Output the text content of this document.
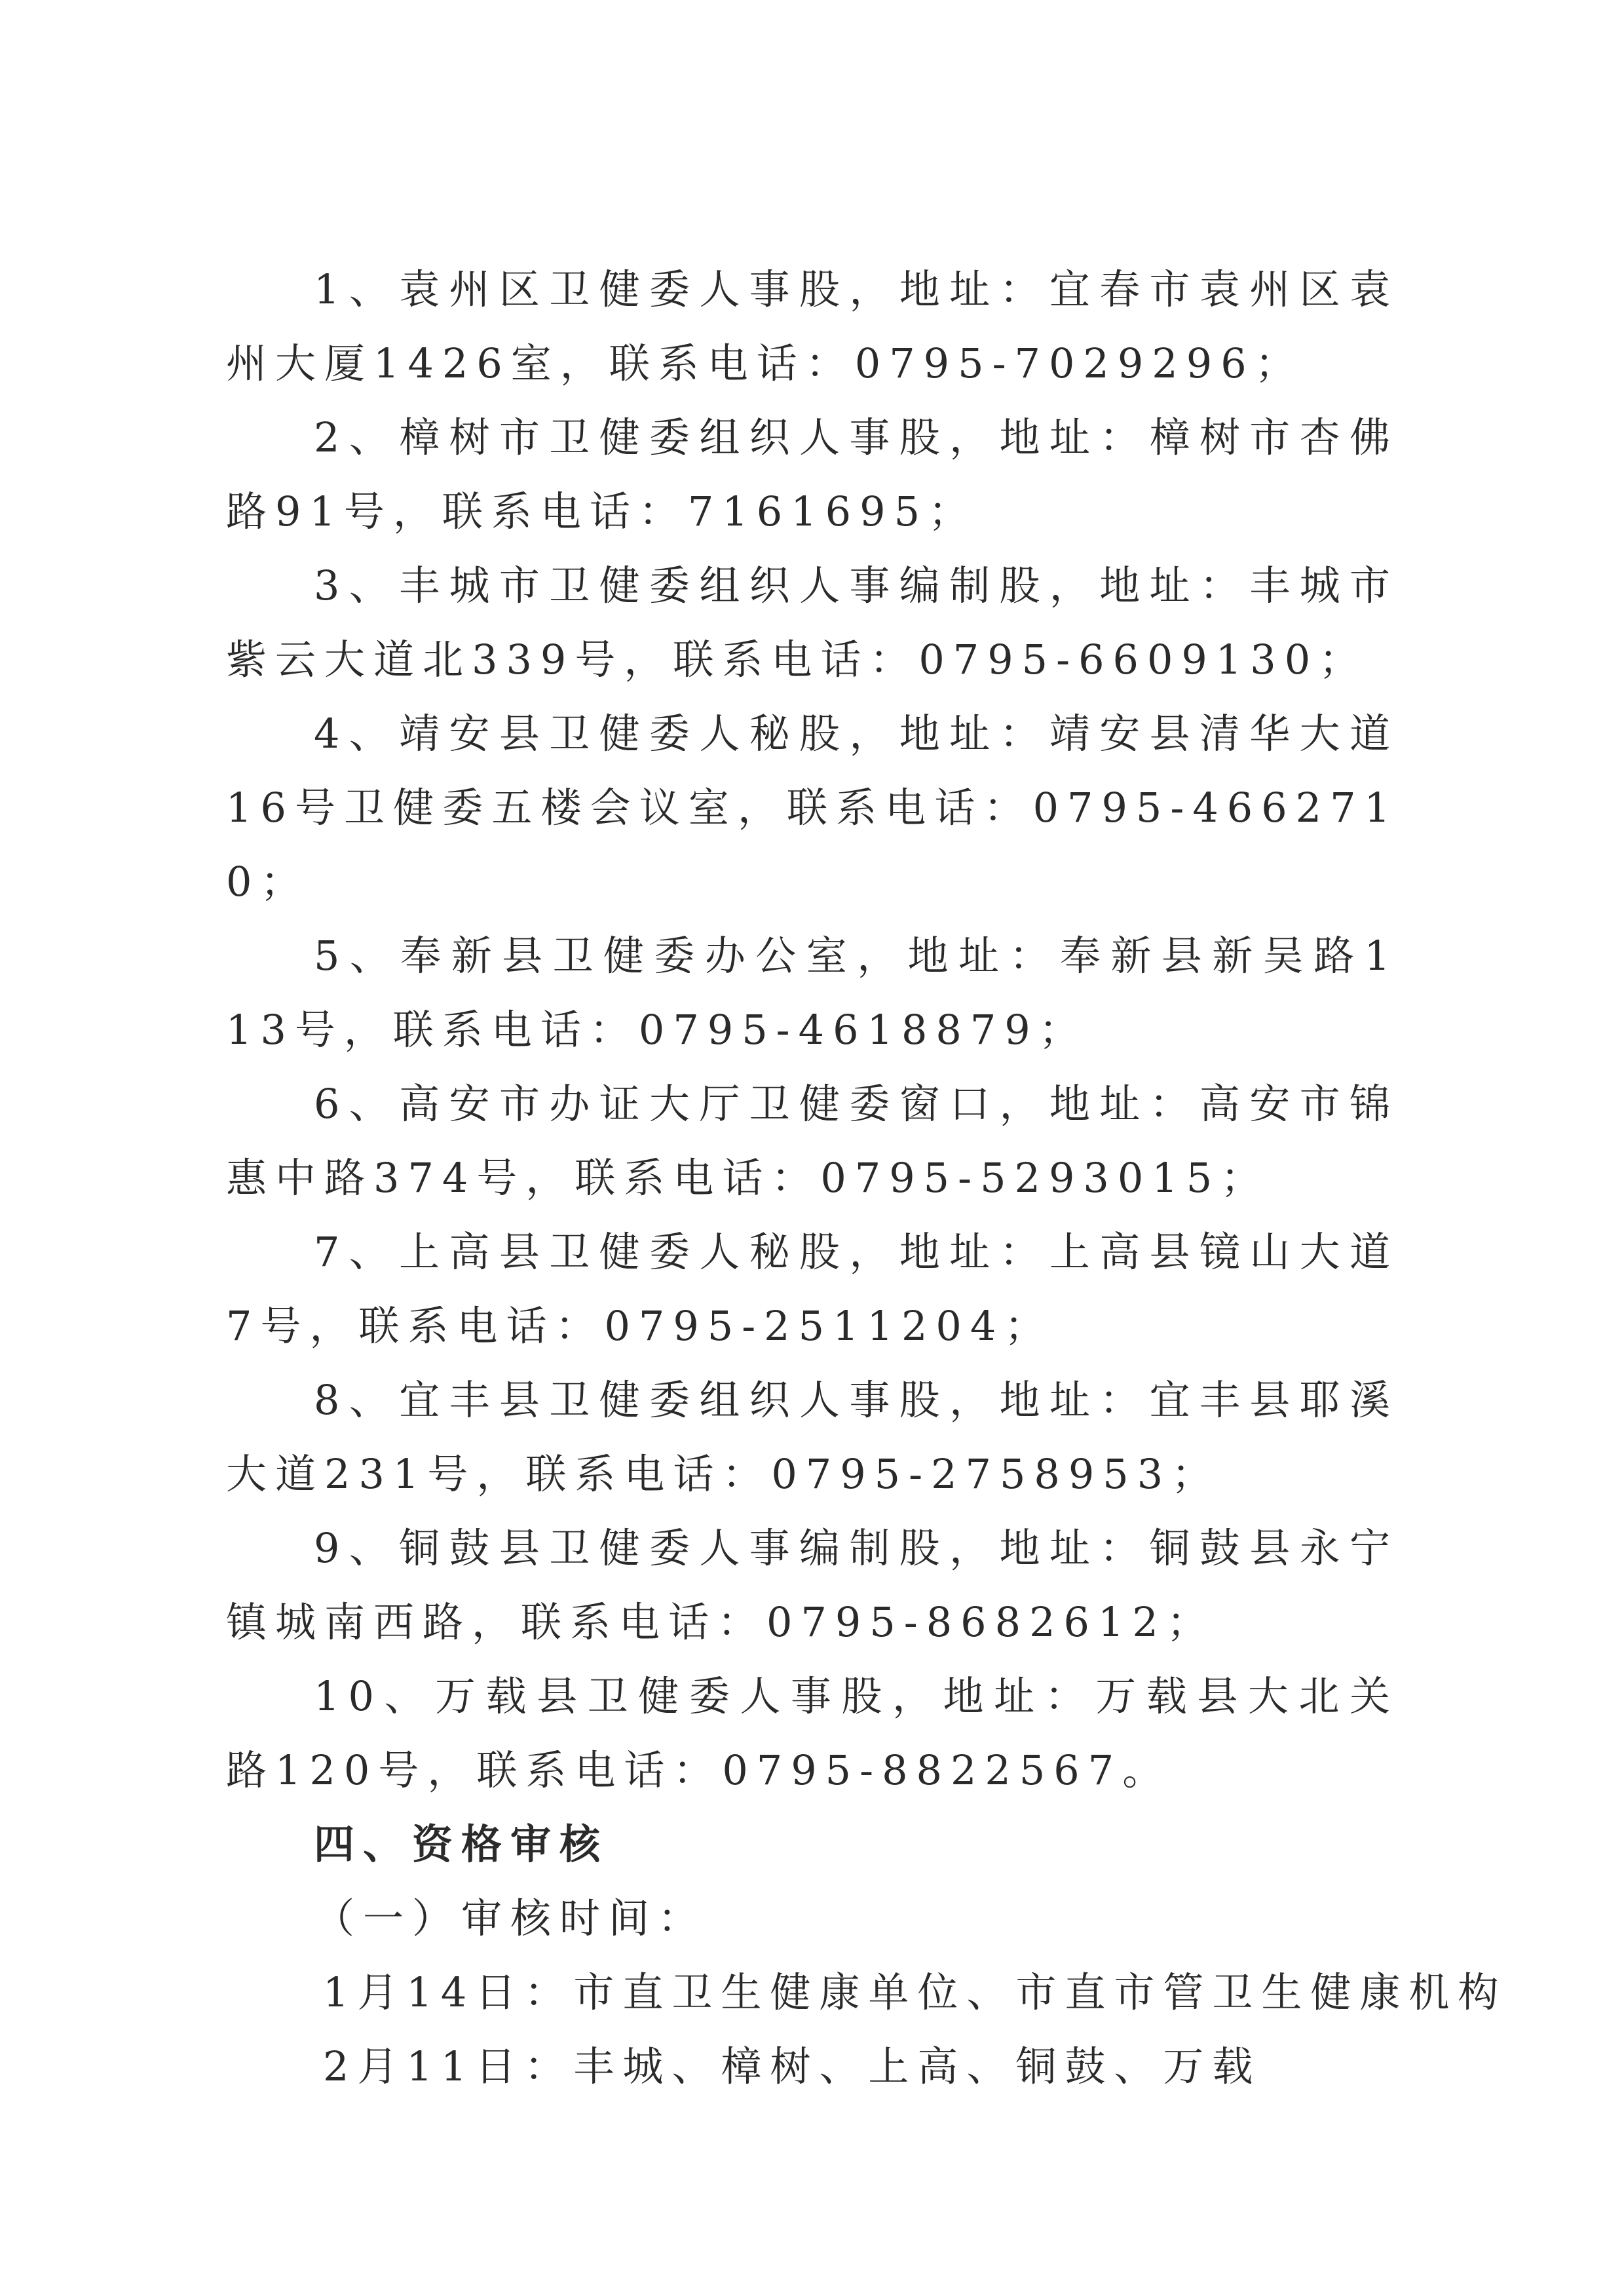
1、袁州区卫健委人事股，地址：宜春市袁州区袁州大厦1426室，联系电话：0795-7029296；

2、樟树市卫健委组织人事股，地址：樟树市杏佛路91号，联系电话：7161695；

3、丰城市卫健委组织人事编制股，地址：丰城市紫云大道北339号，联系电话：0795-6609130；

4、靖安县卫健委人秘股，地址：靖安县清华大道16号卫健委五楼会议室，联系电话：0795-4662710；

5、奉新县卫健委办公室，地址：奉新县新吴路113号，联系电话：0795-4618879；

6、高安市办证大厅卫健委窗口，地址：高安市锦惠中路374号，联系电话：0795-5293015；

7、上高县卫健委人秘股，地址：上高县镜山大道7号，联系电话：0795-2511204；

8、宜丰县卫健委组织人事股，地址：宜丰县耶溪大道231号，联系电话：0795-2758953；

9、铜鼓县卫健委人事编制股，地址：铜鼓县永宁镇城南西路，联系电话：0795-8682612；

10、万载县卫健委人事股，地址：万载县大北关路120号，联系电话：0795-8822567。

四、资格审核

（一）审核时间：

1月14日：市直卫生健康单位、市直市管卫生健康机构

2月11日：丰城、樟树、上高、铜鼓、万载
